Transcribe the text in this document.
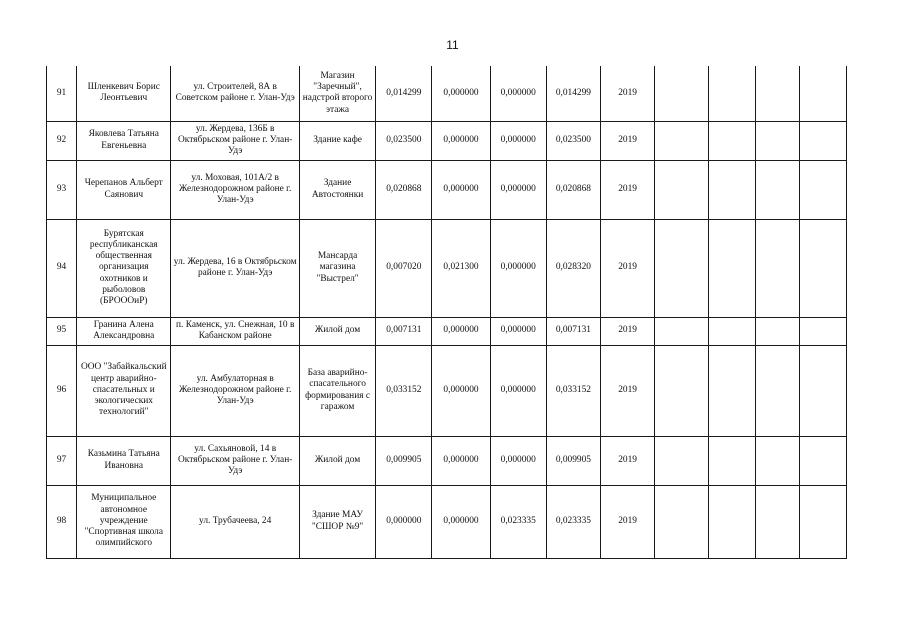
11
91	Шленкевич Борис Леонтьевич	ул. Строителей, 8А в Советском районе г. Улан-Удэ	Магазин "Заречный", надстрой второго этажа	0,014299	0,000000	0,000000	0,014299	2019				
92	Яковлева Татьяна Евгеньевна	ул. Жердева, 136Б в Октябрьском районе г. Улан-Удэ	Здание кафе	0,023500	0,000000	0,000000	0,023500	2019				
93	Черепанов Альберт Саянович	ул. Моховая, 101А/2 в Железнодорожном районе г. Улан-Удэ	Здание Автостоянки	0,020868	0,000000	0,000000	0,020868	2019				
94	Бурятская республиканская общественная организация охотников и рыболовов (БРОООиР)	ул. Жердева, 16 в Октябрьском районе г. Улан-Удэ	Мансарда магазина "Выстрел"	0,007020	0,021300	0,000000	0,028320	2019				
95	Гранина Алена Александровна	п. Каменск, ул. Снежная, 10 в Кабанском районе	Жилой дом	0,007131	0,000000	0,000000	0,007131	2019				
96	ООО "Забайкальский центр аварийно-спасательных и экологических технологий"	ул. Амбулаторная в Железнодорожном районе г. Улан-Удэ	База аварийно-спасательного формирования с гаражом	0,033152	0,000000	0,000000	0,033152	2019				
97	Казьмина Татьяна Ивановна	ул. Сахьяновой, 14 в Октябрьском районе г. Улан-Удэ	Жилой дом	0,009905	0,000000	0,000000	0,009905	2019				
98	Муниципальное автономное учреждение "Спортивная школа олимпийского	ул. Трубачеева, 24	Здание МАУ "СШОР №9"	0,000000	0,000000	0,023335	0,023335	2019				
